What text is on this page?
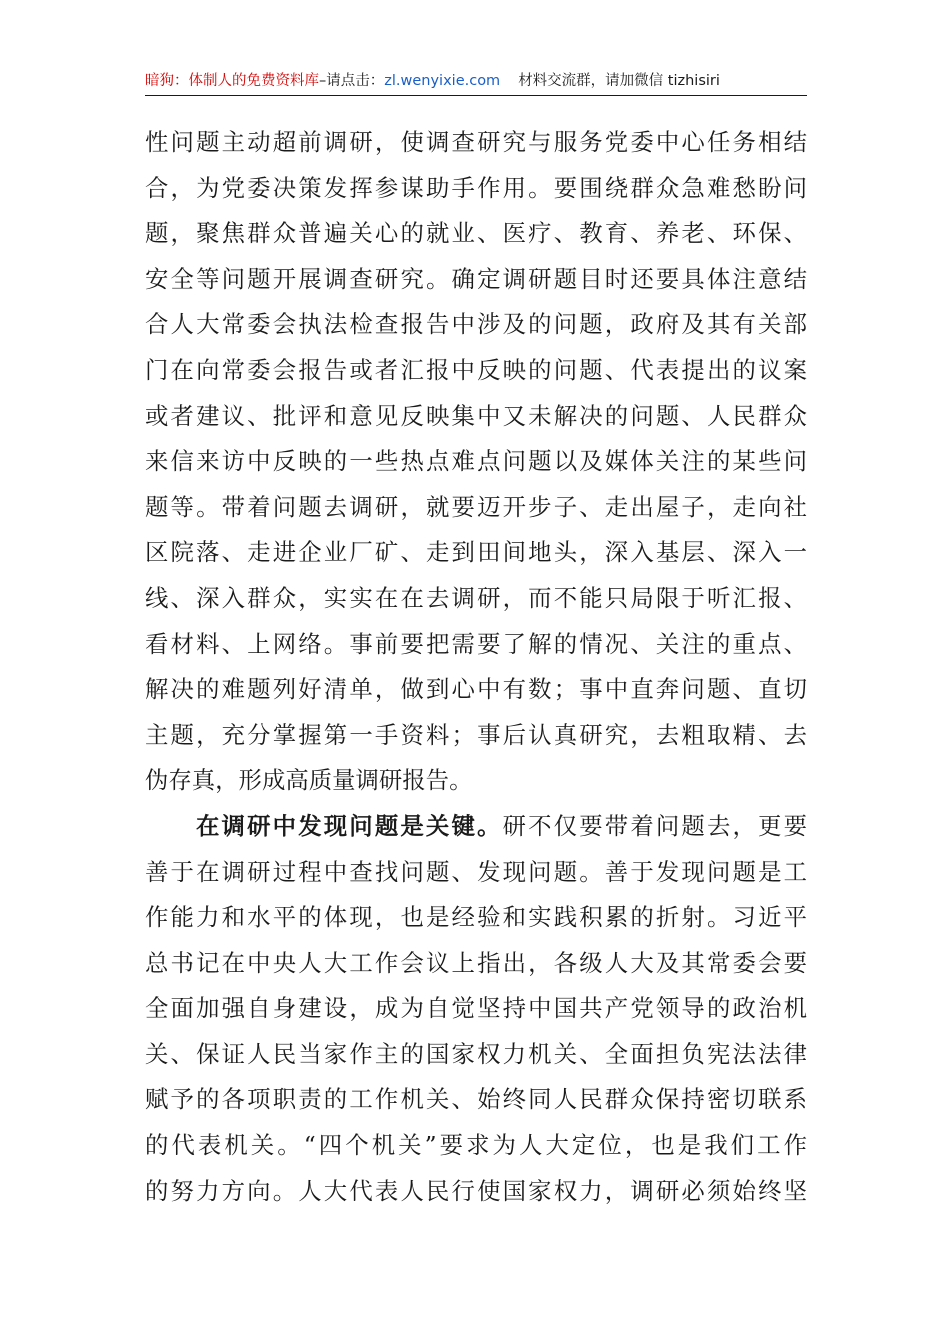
暗狗：体制人的免费资料库–请点击：zl.wenyixie.com 材料交流群，请加微信 tizhisiri
性问题主动超前调研，使调查研究与服务党委中心任务相结
合，为党委决策发挥参谋助手作用。要围绕群众急难愁盼问
题，聚焦群众普遍关心的就业、医疗、教育、养老、环保、
安全等问题开展调查研究。确定调研题目时还要具体注意结
合人大常委会执法检查报告中涉及的问题，政府及其有关部
门在向常委会报告或者汇报中反映的问题、代表提出的议案
或者建议、批评和意见反映集中又未解决的问题、人民群众
来信来访中反映的一些热点难点问题以及媒体关注的某些问
题等。带着问题去调研，就要迈开步子、走出屋子，走向社
区院落、走进企业厂矿、走到田间地头，深入基层、深入一
线、深入群众，实实在在去调研，而不能只局限于听汇报、
看材料、上网络。事前要把需要了解的情况、关注的重点、
解决的难题列好清单，做到心中有数；事中直奔问题、直切
主题，充分掌握第一手资料；事后认真研究，去粗取精、去
伪存真，形成高质量调研报告。
在调研中发现问题是关键。研不仅要带着问题去，更要
善于在调研过程中查找问题、发现问题。善于发现问题是工
作能力和水平的体现，也是经验和实践积累的折射。习近平
总书记在中央人大工作会议上指出，各级人大及其常委会要
全面加强自身建设，成为自觉坚持中国共产党领导的政治机
关、保证人民当家作主的国家权力机关、全面担负宪法法律
赋予的各项职责的工作机关、始终同人民群众保持密切联系
的代表机关。“四个机关”要求为人大定位，也是我们工作
的努力方向。人大代表人民行使国家权力，调研必须始终坚
